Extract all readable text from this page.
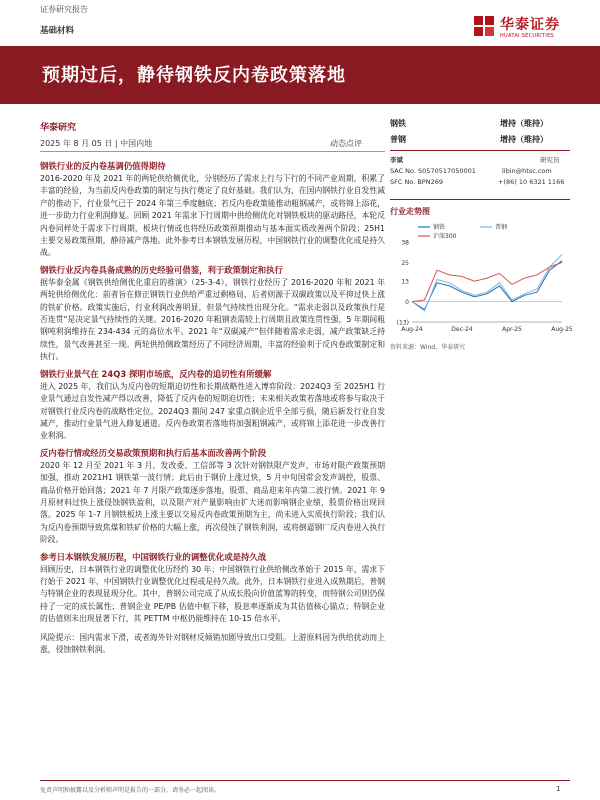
证券研究报告
基础材料	华泰证券
HUATAI SECURITIES
预期过后，静待钢铁反内卷政策落地
华泰研究
2025 年 8 月 05 日 | 中国内地	动态点评
钢铁行业的反内卷基调仍值得期待

2016-2020 年及 2021 年的两轮供给侧优化，分别经历了需求上行与下行的不同产业周期，积累了丰富的经验，为当前反内卷政策的制定与执行奠定了良好基础。我们认为，在国内钢铁行业自发性减产的推动下，行业景气已于 2024 年第三季度触底；若反内卷政策能推动粗钢减产，或将锦上添花，进一步助力行业利润修复。回顾 2021 年需求下行周期中供给侧优化对钢铁板块的驱动路径，本轮反内卷同样处于需求下行周期，板块行情或也将经历政策预期推动与基本面实质改善两个阶段；25H1 主要交易政策预期，静待减产落地。此外参考日本钢铁发展历程，中国钢铁行业的调整优化或是持久战。

钢铁行业反内卷具备成熟的历史经验可借鉴，利于政策制定和执行

据华泰金属《钢铁供给侧优化重启的推演》（25-3-4），钢铁行业经历了 2016-2020 年和 2021 年两轮供给侧优化：前者旨在修正钢铁行业供给严重过剩格局，后者则源于双碳政策以及平抑过快上涨的铁矿价格。政策实施后，行业利润改善明显，但景气持续性出现分化。“需求走弱以及政策执行是否连贯”是决定景气持续性的关键。2016-2020 年粗钢表需较上行周期且政策连贯性强，5 年期间粗钢吨利润维持在 234-434 元的高位水平。2021 年“双碳减产”但伴随着需求走弱，减产政策缺乏持续性，景气改善甚至一现。两轮供给侧政策经历了不同经济周期，丰富的经验利于反内卷政策制定和执行。

钢铁行业景气在 24Q3 探明市场底，反内卷的追切性有所缓解

进入 2025 年，我们认为反内卷的短期迫切性和长期战略性进入博弈阶段：2024Q3 至 2025H1 行业景气通过自发性减产得以改善，降低了反内卷的短期迫切性；未来相关政策若落地或将参与取决于对钢铁行业反内卷的战略性定位。2024Q3 期间 247 家重点钢企近乎全部亏损，随后新发行业自发减产，推动行业景气进入修复通道。反内卷政策若落地将加强粗钢减产，或将锦上添花进一步改善行业利润。

反内卷行情或经历交易政策预期和执行后基本面改善两个阶段

2020 年 12 月至 2021 年 3 月，发改委、工信部等 3 次针对钢铁限产发声，市场对限产政策预期加强，推动 2021H1 钢铁第一波行情；此后由于钢价上涨过快，5 月中旬国常会发声调控，股票、商品价格开始回落；2021 年 7 月限产政策逐步落地，股票、商品迎来年内第二波行情。2021 年 9 月原材料过快上涨侵蚀钢铁盈利，以及限产对产量影响由扩大迷而影响钢企业绩，股票价格出现回落。2025 年 1-7 月钢铁板块上涨主要以交易反内卷政策预期为主，尚未进入实质执行阶段；我们认为反内卷预期导致焦煤和铁矿价格的大幅上涨，再次侵蚀了钢铁利润，或将倒逼钢厂反内卷进入执行阶段。

参考日本钢铁发展历程，中国钢铁行业的调整优化或是持久战

回顾历史，日本钢铁行业的调整优化历经约 30 年；中国钢铁行业供给侧改革始于 2015 年，需求下行始于 2021 年，中国钢铁行业调整优化过程或是持久战。此外，日本钢铁行业进入成熟期后，普钢与特钢企业的表现显现分化。其中，普钢公司完成了从成长股向价值蓝筹的转变，而特钢公司则仍保持了一定的成长属性；普钢企业 PE/PB 估值中枢下移，股息率逐渐成为其估值核心锚点；特钢企业的估值则未出现显著下行，其 PETTM 中枢仍能维持在 10-15 倍水平。

风险提示：国内需求下滑，或者海外针对钢材反倾销加剧导致出口受阻。上游原料因为供给扰动而上涨，侵蚀钢铁利润。

钢铁	增持（维持）
普钢	增持（维持）
李斌	研究员
SAC No. S0570517050001	libin@htsc.com
SFC No. BPN269	+(86) 10 6321 1166
行业走势图
38
25
13
0
(13)
Aug-24	Dec-24	Apr-25	Aug-25
钢铁	普钢
沪深300
资料来源：Wind，华泰研究
免责声明和披露以及分析师声明是报告的一部分，请务必一起阅读。	1
